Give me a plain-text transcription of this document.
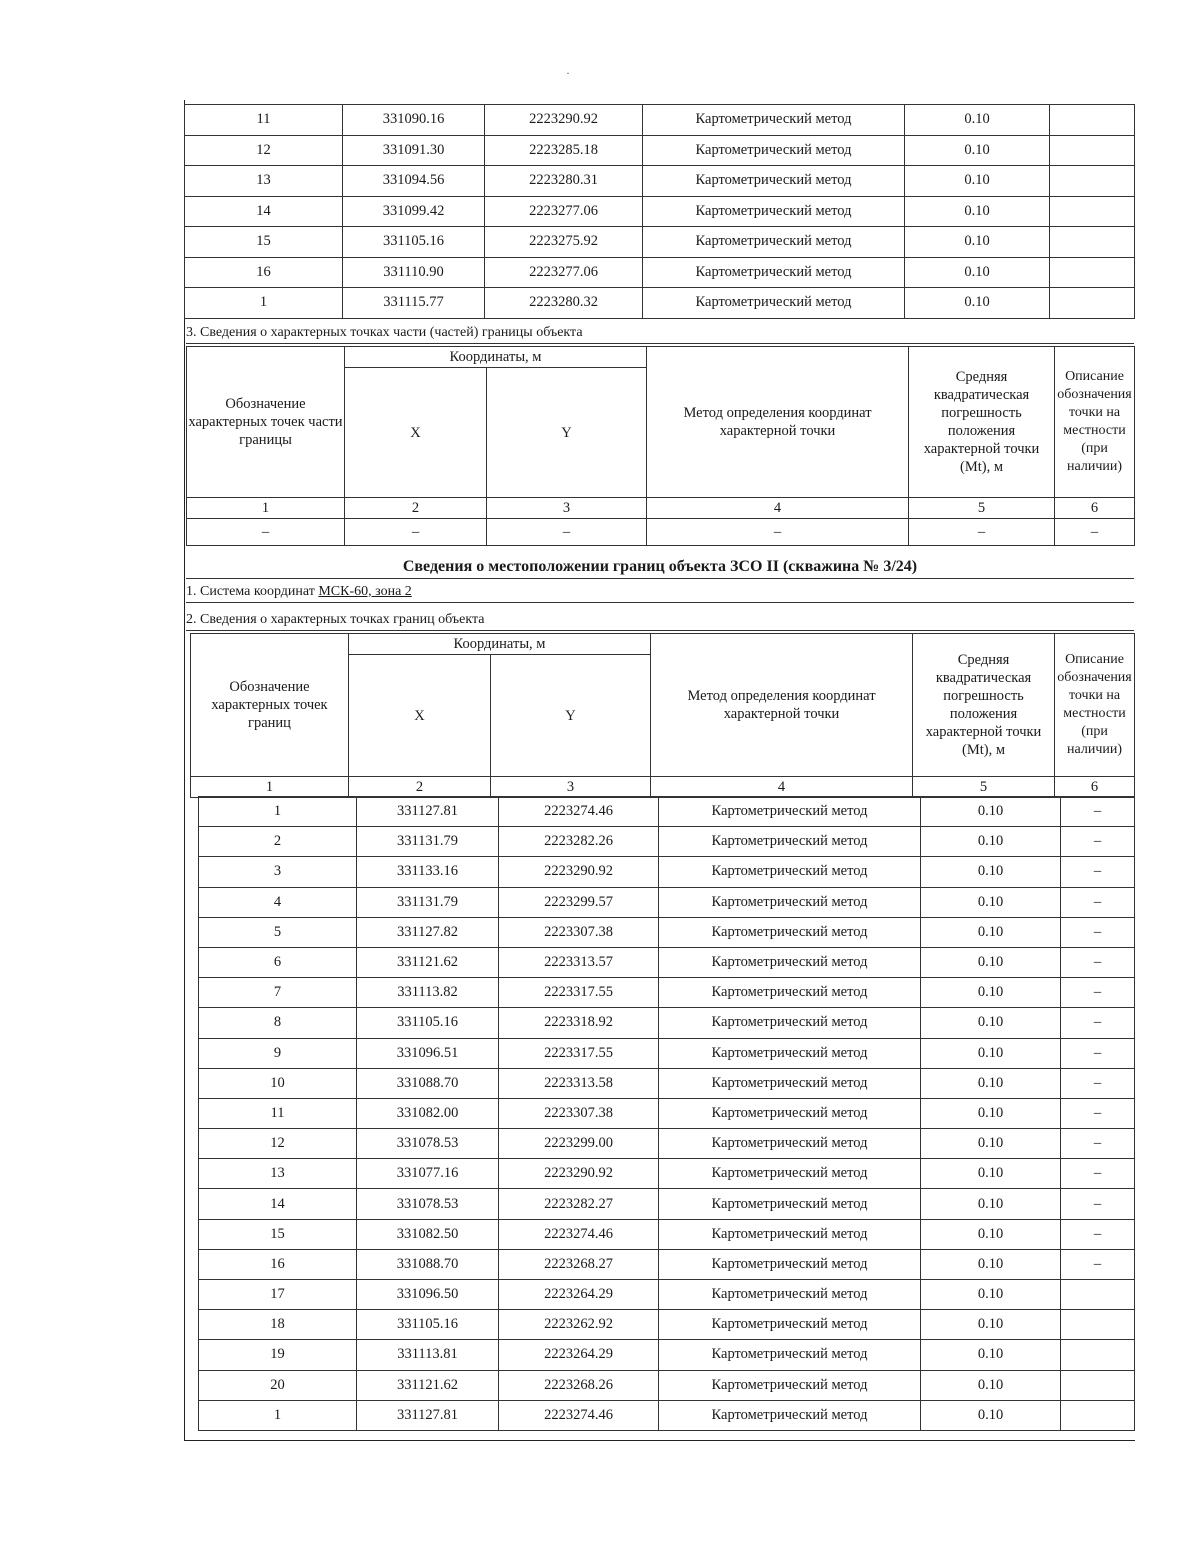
11	331090.16	2223290.92	Картометрический метод	0.10	
12	331091.30	2223285.18	Картометрический метод	0.10	
13	331094.56	2223280.31	Картометрический метод	0.10	
14	331099.42	2223277.06	Картометрический метод	0.10	
15	331105.16	2223275.92	Картометрический метод	0.10	
16	331110.90	2223277.06	Картометрический метод	0.10	
1	331115.77	2223280.32	Картометрический метод	0.10	
3. Сведения о характерных точках части (частей) границы объекта
Обозначение характерных точек части границы	Координаты, м		Метод определения координат характерной точки	Средняя квадратическая погрешность положения характерной точки (Mt), м	Описание обозначения точки на местности (при наличии)
	X	Y			
1	2	3	4	5	6
–	–	–	–	–	–
Сведения о местоположении границ объекта ЗСО II (скважина № 3/24)
1. Система координат МСК-60, зона 2
2. Сведения о характерных точках границ объекта
Обозначение характерных точек границ	Координаты, м		Метод определения координат характерной точки	Средняя квадратическая погрешность положения характерной точки (Mt), м	Описание обозначения точки на местности (при наличии)
	X	Y			
1	2	3	4	5	6
1	331127.81	2223274.46	Картометрический метод	0.10	–
2	331131.79	2223282.26	Картометрический метод	0.10	–
3	331133.16	2223290.92	Картометрический метод	0.10	–
4	331131.79	2223299.57	Картометрический метод	0.10	–
5	331127.82	2223307.38	Картометрический метод	0.10	–
6	331121.62	2223313.57	Картометрический метод	0.10	–
7	331113.82	2223317.55	Картометрический метод	0.10	–
8	331105.16	2223318.92	Картометрический метод	0.10	–
9	331096.51	2223317.55	Картометрический метод	0.10	–
10	331088.70	2223313.58	Картометрический метод	0.10	–
11	331082.00	2223307.38	Картометрический метод	0.10	–
12	331078.53	2223299.00	Картометрический метод	0.10	–
13	331077.16	2223290.92	Картометрический метод	0.10	–
14	331078.53	2223282.27	Картометрический метод	0.10	–
15	331082.50	2223274.46	Картометрический метод	0.10	–
16	331088.70	2223268.27	Картометрический метод	0.10	–
17	331096.50	2223264.29	Картометрический метод	0.10	
18	331105.16	2223262.92	Картометрический метод	0.10	
19	331113.81	2223264.29	Картометрический метод	0.10	
20	331121.62	2223268.26	Картометрический метод	0.10	
1	331127.81	2223274.46	Картометрический метод	0.10	
·
